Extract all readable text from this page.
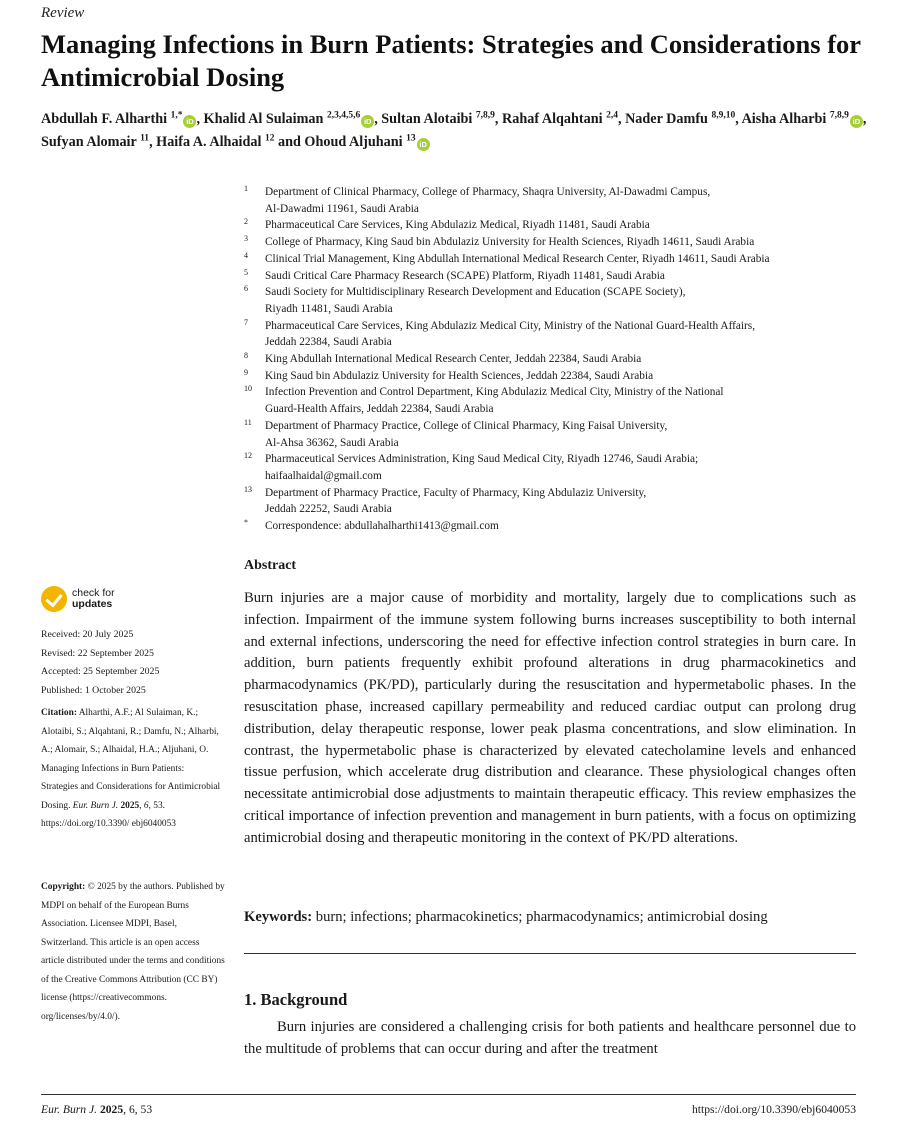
Review
Managing Infections in Burn Patients: Strategies and Considerations for Antimicrobial Dosing
Abdullah F. Alharthi $^{1,*}$iD , Khalid Al Sulaiman $^{2,3,4,5,6}$iD , Sultan Alotaibi $^{7,8,9}$, Rahaf Alqahtani $^{2,4}$, Nader Damfu $^{8,9,10}$, Aisha Alharbi $^{7,8,9}$iD , Sufyan Alomair $^{11}$, Haifa A. Alhaidal $^{12}$ and Ohoud Aljuhani $^{13}$iD
1 Department of Clinical Pharmacy, College of Pharmacy, Shaqra University, Al-Dawadmi Campus,
Al-Dawadmi 11961, Saudi Arabia
2 Pharmaceutical Care Services, King Abdulaziz Medical, Riyadh 11481, Saudi Arabia
3 College of Pharmacy, King Saud bin Abdulaziz University for Health Sciences, Riyadh 14611, Saudi Arabia
4 Clinical Trial Management, King Abdullah International Medical Research Center, Riyadh 14611, Saudi Arabia
5 Saudi Critical Care Pharmacy Research (SCAPE) Platform, Riyadh 11481, Saudi Arabia
6 Saudi Society for Multidisciplinary Research Development and Education (SCAPE Society),
Riyadh 11481, Saudi Arabia
7 Pharmaceutical Care Services, King Abdulaziz Medical City, Ministry of the National Guard-Health Affairs,
Jeddah 22384, Saudi Arabia
8 King Abdullah International Medical Research Center, Jeddah 22384, Saudi Arabia
9 King Saud bin Abdulaziz University for Health Sciences, Jeddah 22384, Saudi Arabia
10 Infection Prevention and Control Department, King Abdulaziz Medical City, Ministry of the National
Guard-Health Affairs, Jeddah 22384, Saudi Arabia
11 Department of Pharmacy Practice, College of Clinical Pharmacy, King Faisal University,
Al-Ahsa 36362, Saudi Arabia
12 Pharmaceutical Services Administration, King Saud Medical City, Riyadh 12746, Saudi Arabia;
haifaalhaidal@gmail.com
13 Department of Pharmacy Practice, Faculty of Pharmacy, King Abdulaziz University,
Jeddah 22252, Saudi Arabia
* Correspondence: abdullahalharthi1413@gmail.com
check for
updates
Received: 20 July 2025
Revised: 22 September 2025
Accepted: 25 September 2025
Published: 1 October 2025
Citation: Alharthi, A.F.; Al Sulaiman, K.; Alotaibi, S.; Alqahtani, R.; Damfu, N.; Alharbi, A.; Alomair, S.; Alhaidal, H.A.; Aljuhani, O. Managing Infections in Burn Patients: Strategies and Considerations for Antimicrobial Dosing. Eur. Burn J. 2025, 6, 53. https://doi.org/10.3390/ ebj6040053
Copyright: © 2025 by the authors. Published by MDPI on behalf of the European Burns Association. Licensee MDPI, Basel, Switzerland. This article is an open access article distributed under the terms and conditions of the Creative Commons Attribution (CC BY) license (https://creativecommons. org/licenses/by/4.0/).
Abstract
Burn injuries are a major cause of morbidity and mortality, largely due to complications such as infection. Impairment of the immune system following burns increases susceptibility to both internal and external infections, underscoring the need for effective infection control strategies in burn care. In addition, burn patients frequently exhibit profound alterations in drug pharmacokinetics and pharmacodynamics (PK/PD), particularly during the resuscitation and hypermetabolic phases. In the resuscitation phase, increased capillary permeability and reduced cardiac output can prolong drug distribution, delay therapeutic response, lower peak plasma concentrations, and slow elimination. In contrast, the hypermetabolic phase is characterized by elevated catecholamine levels and enhanced tissue perfusion, which accelerate drug distribution and clearance. These physiological changes often necessitate antimicrobial dose adjustments to maintain therapeutic efficacy. This review emphasizes the critical importance of infection prevention and management in burn patients, with a focus on optimizing antimicrobial dosing and therapeutic monitoring in the context of PK/PD alterations.
Keywords: burn; infections; pharmacokinetics; pharmacodynamics; antimicrobial dosing
1. Background
Burn injuries are considered a challenging crisis for both patients and healthcare personnel due to the multitude of problems that can occur during and after the treatment
Eur. Burn J. 2025, 6, 53	https://doi.org/10.3390/ebj6040053
